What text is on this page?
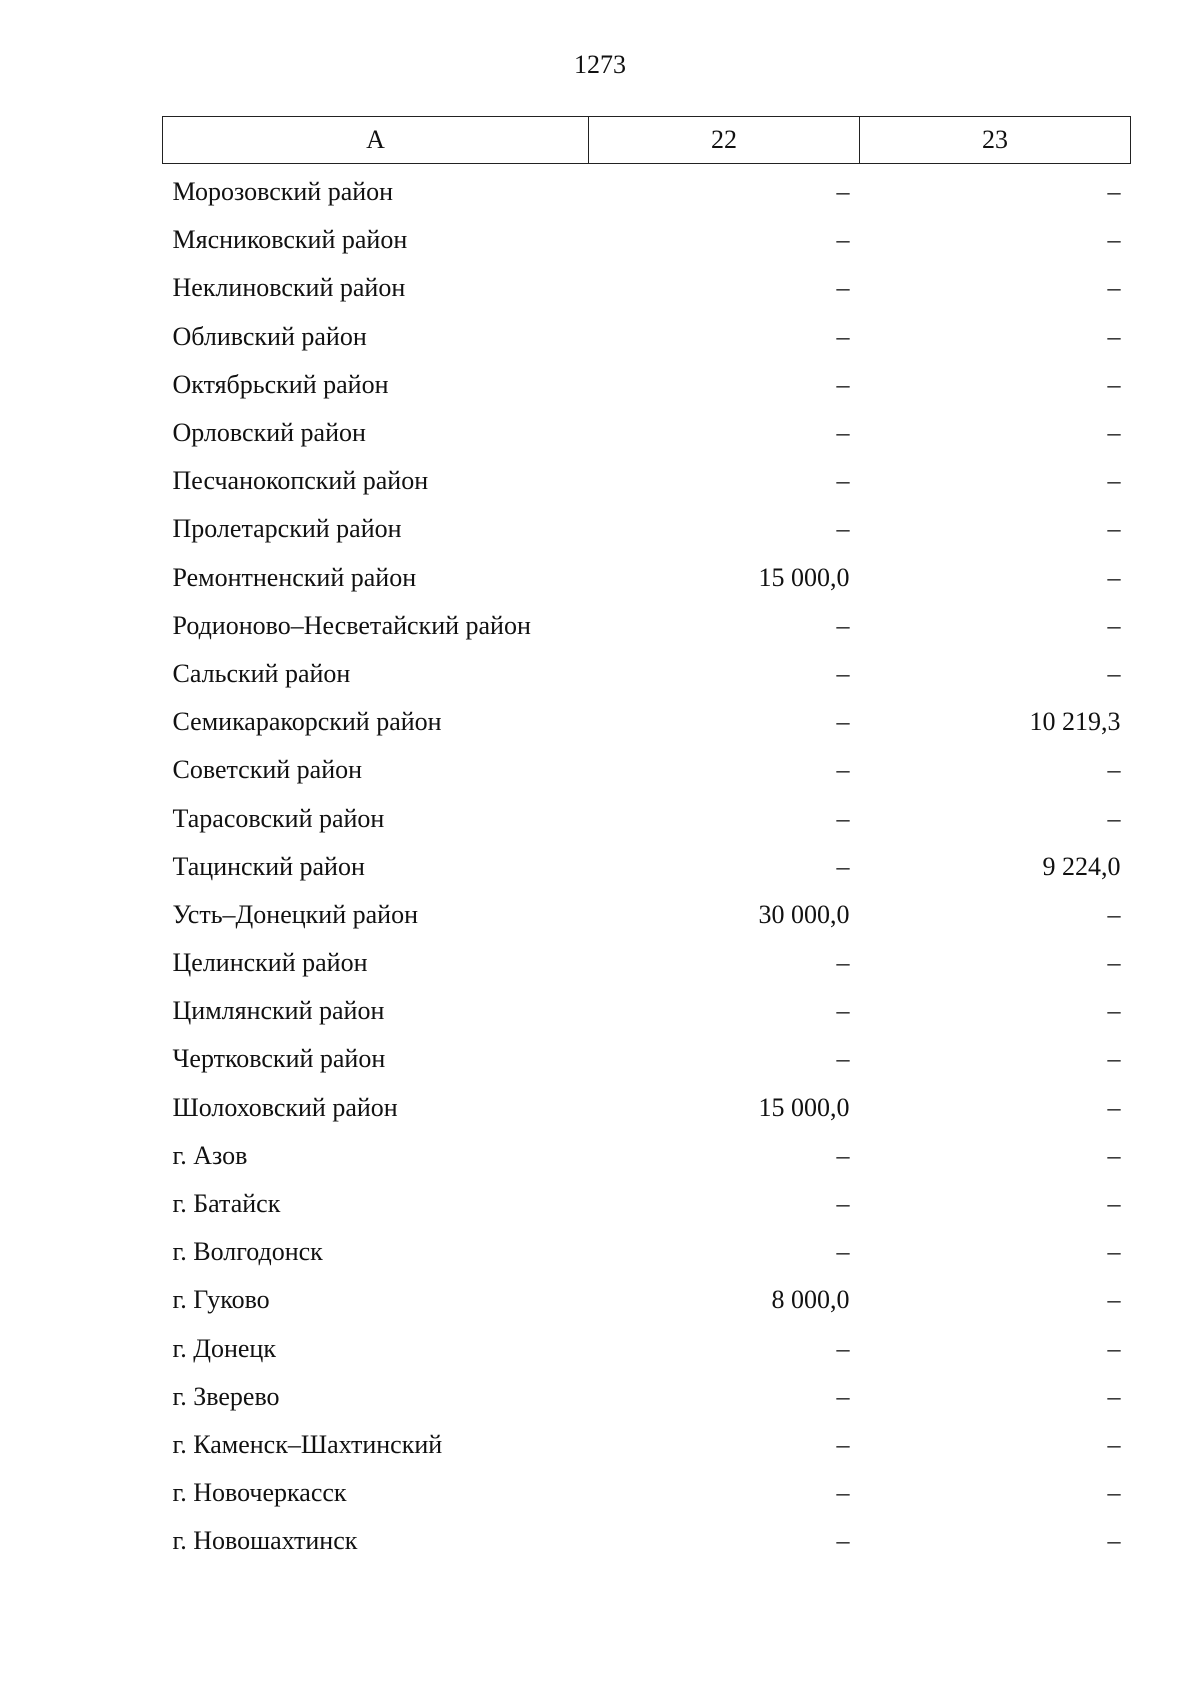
1273
А	22	23
Морозовский район	–	–
Мясниковский район	–	–
Неклиновский район	–	–
Обливский район	–	–
Октябрьский район	–	–
Орловский район	–	–
Песчанокопский район	–	–
Пролетарский район	–	–
Ремонтненский район	15 000,0	–
Родионово–Несветайский район	–	–
Сальский район	–	–
Семикаракорский район	–	10 219,3
Советский район	–	–
Тарасовский район	–	–
Тацинский район	–	9 224,0
Усть–Донецкий район	30 000,0	–
Целинский район	–	–
Цимлянский район	–	–
Чертковский район	–	–
Шолоховский район	15 000,0	–
г. Азов	–	–
г. Батайск	–	–
г. Волгодонск	–	–
г. Гуково	8 000,0	–
г. Донецк	–	–
г. Зверево	–	–
г. Каменск–Шахтинский	–	–
г. Новочеркасск	–	–
г. Новошахтинск	–	–
